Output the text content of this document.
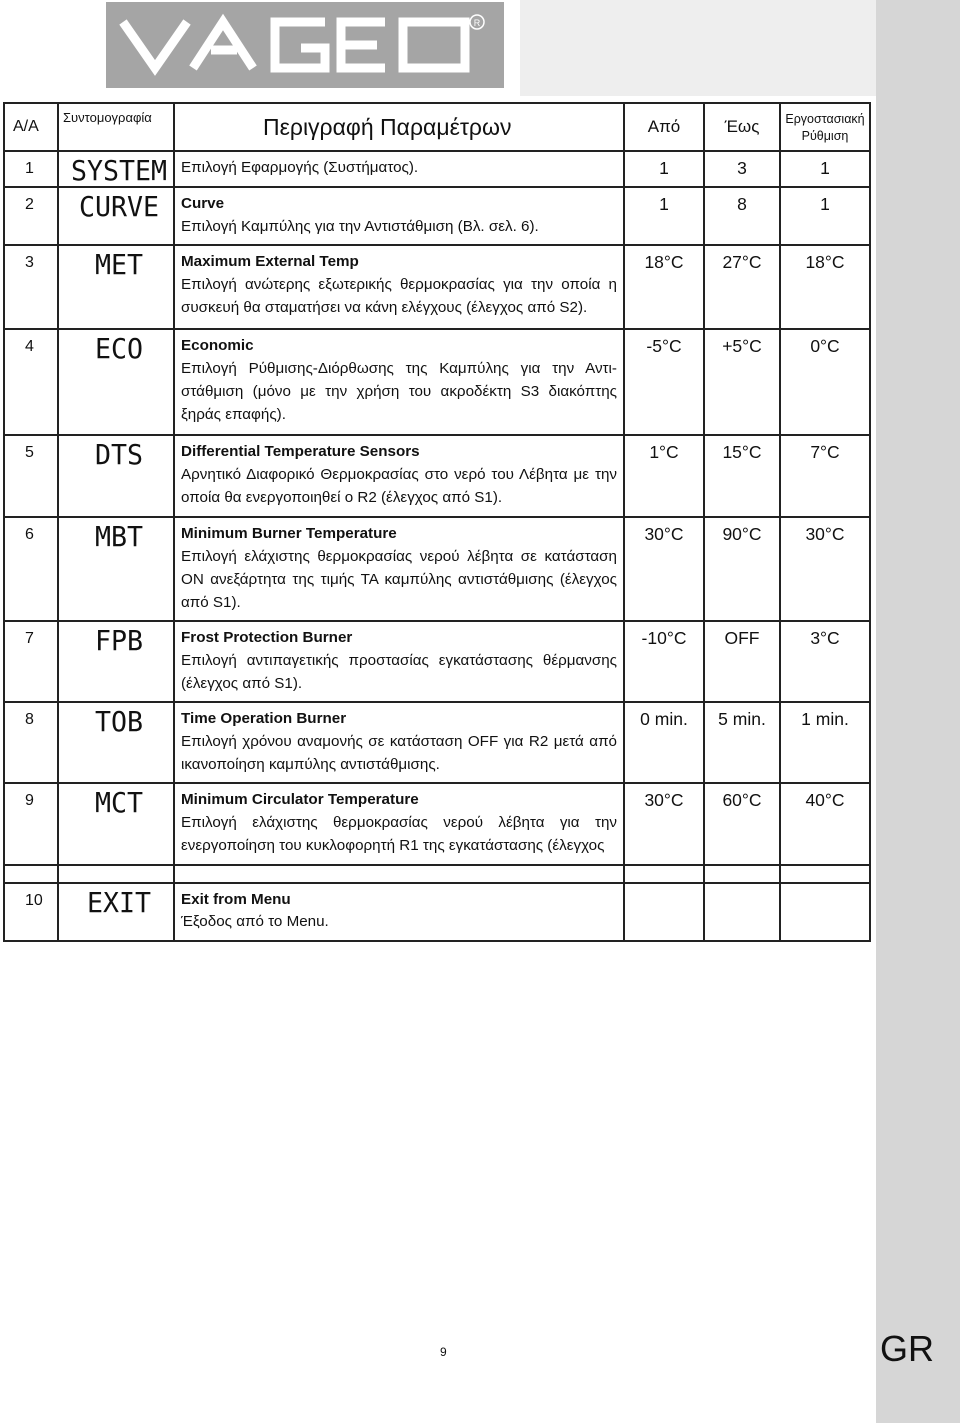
R
Α/Α	Συντομογραφία	Περιγραφή Παραμέτρων	Από	Έως	Εργοστασιακή
Ρύθμιση
1	SYSTEM	Επιλογή Εφαρμογής (Συστήματος).	1	3	1
2	CURVE	Curve
Επιλογή Καμπύλης για την Αντιστάθμιση (Βλ. σελ. 6).	1	8	1
3	MET	Maximum External Temp
Επιλογή ανώτερης εξωτερικής θερμοκρασίας για την οποία η συσκευή θα σταματήσει να κάνη ελέγχους (έλεγχος από S2).	18°C	27°C	18°C
4	ECO	Economic
Επιλογή Ρύθμισης-Διόρθωσης της Καμπύλης για την Αντι-στάθμιση (μόνο με την χρήση του ακροδέκτη S3 διακόπτης ξηράς επαφής).	-5°C	+5°C	0°C
5	DTS	Differential Temperature Sensors
Αρνητικό Διαφορικό Θερμοκρασίας στο νερό του Λέβητα με την οποία θα ενεργοποιηθεί ο R2 (έλεγχος από S1).	1°C	15°C	7°C
6	MBT	Minimum Burner Temperature
Επιλογή ελάχιστης θερμοκρασίας νερού λέβητα σε κατάσταση ON ανεξάρτητα της τιμής ΤΑ καμπύλης αντιστάθμισης (έλεγχος από S1).	30°C	90°C	30°C
7	FPB	Frost Protection Burner
Επιλογή αντιπαγετικής προστασίας εγκατάστασης θέρμανσης (έλεγχος από S1).	-10°C	OFF	3°C
8	TOB	Time Operation Burner
Επιλογή χρόνου αναμονής σε κατάσταση OFF για R2 μετά από ικανοποίηση καμπύλης αντιστάθμισης.	0 min.	5 min.	1 min.
9	MCT	Minimum Circulator Temperature
Επιλογή ελάχιστης θερμοκρασίας νερού λέβητα για την ενεργοποίηση του κυκλοφορητή R1 της εγκατάστασης (έλεγχος	30°C	60°C	40°C

10	EXIT	Exit from Menu
Έξοδος από το Menu.			

9	GR
